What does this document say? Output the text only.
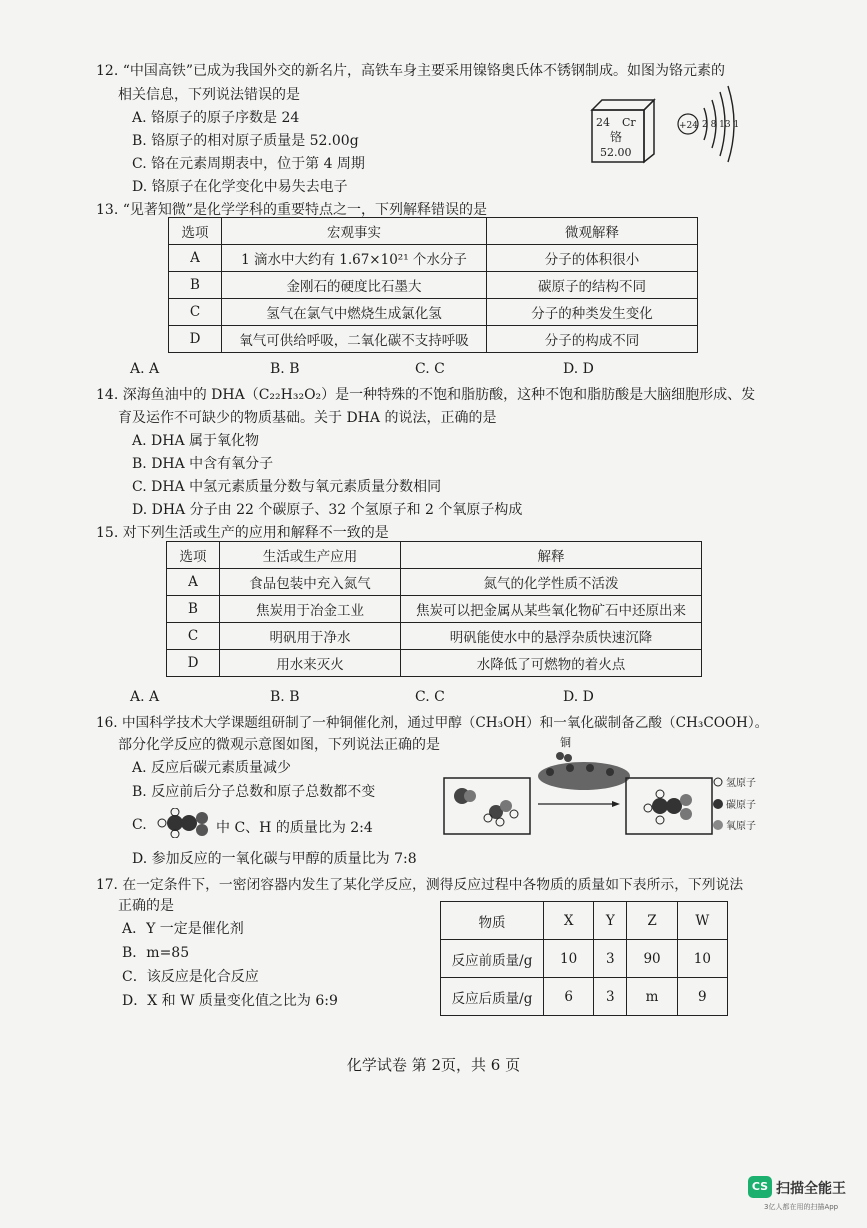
12. “中国高铁”已成为我国外交的新名片，高铁车身主要采用镍铬奥氏体不锈钢制成。如图为铬元素的
相关信息，下列说法错误的是
A. 铬原子的原子序数是 24
B. 铬原子的相对原子质量是 52.00g
C. 铬在元素周期表中，位于第 4 周期
D. 铬原子在化学变化中易失去电子
24 Cr
铬
52.00
+24 2 8 13 1
13. “见著知微”是化学学科的重要特点之一，下列解释错误的是
选项	宏观事实	微观解释
A	1 滴水中大约有 1.67×10²¹ 个水分子	分子的体积很小
B	金刚石的硬度比石墨大	碳原子的结构不同
C	氢气在氯气中燃烧生成氯化氢	分子的种类发生变化
D	氧气可供给呼吸，二氧化碳不支持呼吸	分子的构成不同
A. A	B. B	C. C	D. D
14. 深海鱼油中的 DHA（C₂₂H₃₂O₂）是一种特殊的不饱和脂肪酸，这种不饱和脂肪酸是大脑细胞形成、发
育及运作不可缺少的物质基础。关于 DHA 的说法，正确的是
A. DHA 属于氧化物
B. DHA 中含有氧分子
C. DHA 中氢元素质量分数与氧元素质量分数相同
D. DHA 分子由 22 个碳原子、32 个氢原子和 2 个氧原子构成
15. 对下列生活或生产的应用和解释不一致的是
选项	生活或生产应用	解释
A	食品包装中充入氮气	氮气的化学性质不活泼
B	焦炭用于冶金工业	焦炭可以把金属从某些氧化物矿石中还原出来
C	明矾用于净水	明矾能使水中的悬浮杂质快速沉降
D	用水来灭火	水降低了可燃物的着火点
A. A	B. B	C. C	D. D
16. 中国科学技术大学课题组研制了一种铜催化剂，通过甲醇（CH₃OH）和一氧化碳制备乙酸（CH₃COOH）。
部分化学反应的微观示意图如图，下列说法正确的是
A. 反应后碳元素质量减少
B. 反应前后分子总数和原子总数都不变
C.	中 C、H 的质量比为 2:4
D. 参加反应的一氧化碳与甲醇的质量比为 7:8
铜
氢原子
碳原子
氧原子
17. 在一定条件下，一密闭容器内发生了某化学反应，测得反应过程中各物质的质量如下表所示，下列说法
正确的是
A．Y 一定是催化剂
B．m=85
C．该反应是化合反应
D．X 和 W 质量变化值之比为 6:9
物质	X	Y	Z	W
反应前质量/g	10	3	90	10
反应后质量/g	6	3	m	9
化学试卷 第 2页，共 6 页
CS 扫描全能王
3亿人都在用的扫描App
